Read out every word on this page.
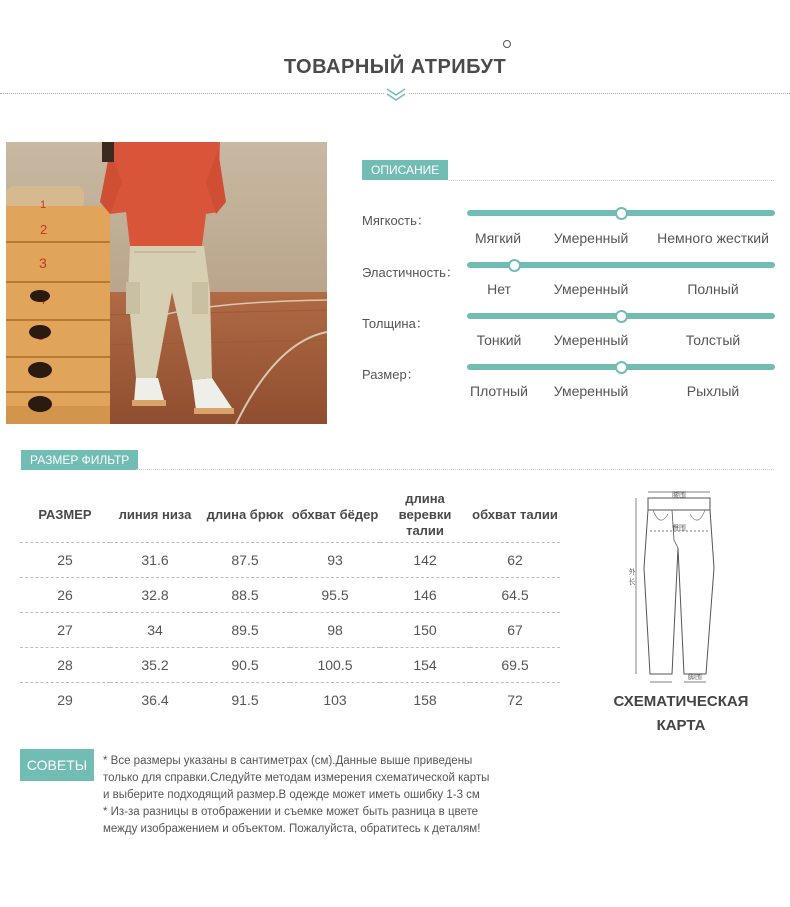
ТОВАРНЫЙ АТРИБУТ
1
2
3
ОПИСАНИЕ
Мягкость：
Мягкий Умеренный Немного жесткий
Эластичность：
Нет	Умеренный	Полный
Толщина：
Тонкий Умеренный	Толстый
Размер：
Плотный Умеренный	Рыхлый
РАЗМЕР ФИЛЬТР
РАЗМЕР	линия низа	длина брюк	обхват бёдер	длина веревки талии	обхват талии
25	31.6	87.5	93	142	62
26	32.8	88.5	95.5	146	64.5
27	34	89.5	98	150	67
28	35.2	90.5	100.5	154	69.5
29	36.4	91.5	103	158	72
腰围
臀围
外
长
脚围
СХЕМАТИЧЕСКАЯ
КАРТА
СОВЕТЫ	* Все размеры указаны в сантиметрах (см).Данные выше приведены
только для справки.Следуйте методам измерения схематической карты
и выберите подходящий размер.В одежде может иметь ошибку 1-3 см
* Из-за разницы в отображении и съемке может быть разница в цвете
между изображением и объектом. Пожалуйста, обратитесь к деталям!
